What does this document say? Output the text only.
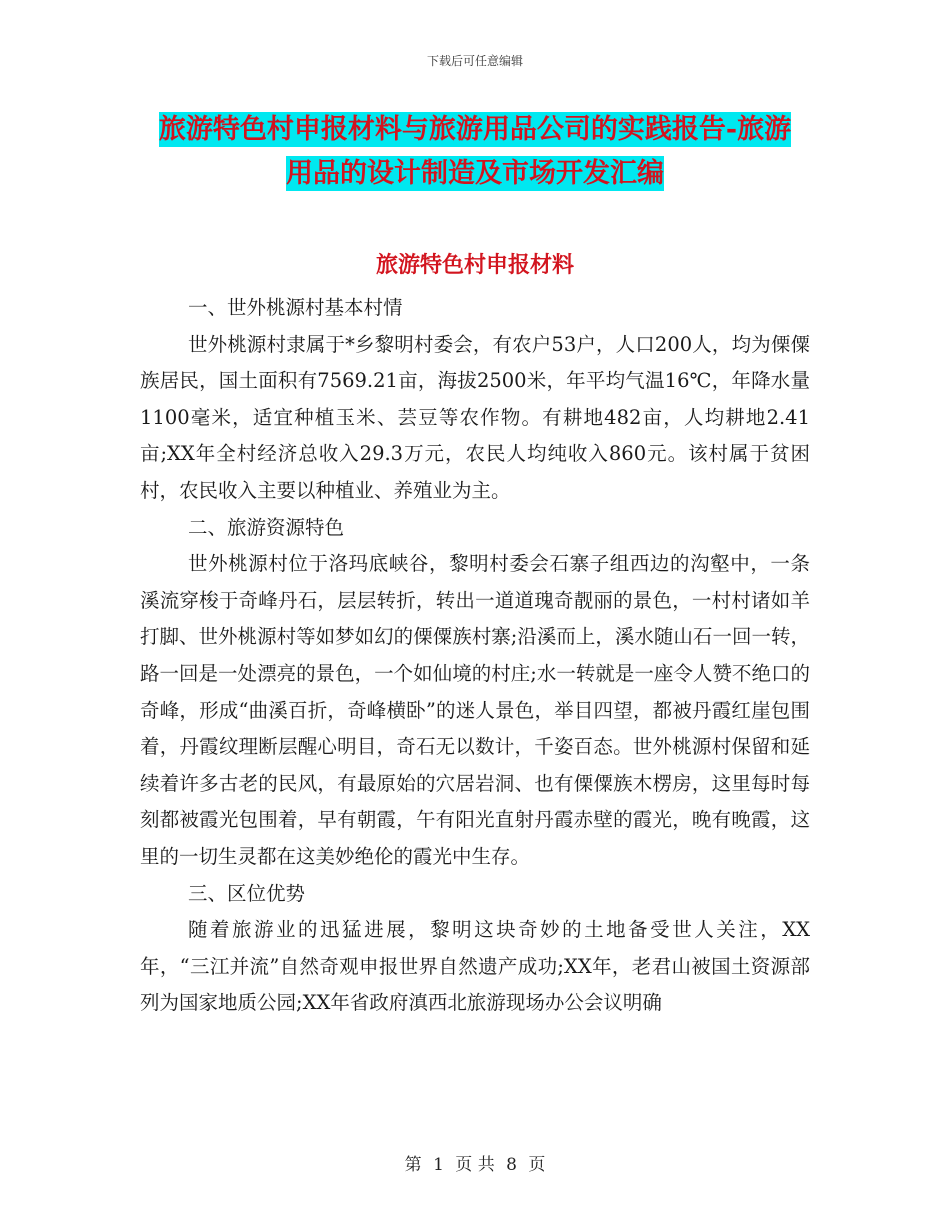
下载后可任意编辑
旅游特色村申报材料与旅游用品公司的实践报告-旅游
用品的设计制造及市场开发汇编
旅游特色村申报材料

一、世外桃源村基本村情

世外桃源村隶属于*乡黎明村委会，有农户53户，人口200人，均为傈僳族居民，国土面积有7569.21亩，海拔2500米，年平均气温16℃，年降水量1100毫米，适宜种植玉米、芸豆等农作物。有耕地482亩，人均耕地2.41亩;XX年全村经济总收入29.3万元，农民人均纯收入860元。该村属于贫困村，农民收入主要以种植业、养殖业为主。

二、旅游资源特色

世外桃源村位于洛玛底峡谷，黎明村委会石寨子组西边的沟壑中，一条溪流穿梭于奇峰丹石，层层转折，转出一道道瑰奇靓丽的景色，一村村诸如羊打脚、世外桃源村等如梦如幻的傈僳族村寨;沿溪而上，溪水随山石一回一转，路一回是一处漂亮的景色，一个如仙境的村庄;水一转就是一座令人赞不绝口的奇峰，形成“曲溪百折，奇峰横卧”的迷人景色，举目四望，都被丹霞红崖包围着，丹霞纹理断层醒心明目，奇石无以数计，千姿百态。世外桃源村保留和延续着许多古老的民风，有最原始的穴居岩洞、也有傈僳族木楞房，这里每时每刻都被霞光包围着，早有朝霞，午有阳光直射丹霞赤壁的霞光，晚有晚霞，这里的一切生灵都在这美妙绝伦的霞光中生存。

三、区位优势

随着旅游业的迅猛进展，黎明这块奇妙的土地备受世人关注，XX年，“三江并流”自然奇观申报世界自然遗产成功;XX年，老君山被国土资源部列为国家地质公园;XX年省政府滇西北旅游现场办公会议明确

第 1 页 共 8 页
